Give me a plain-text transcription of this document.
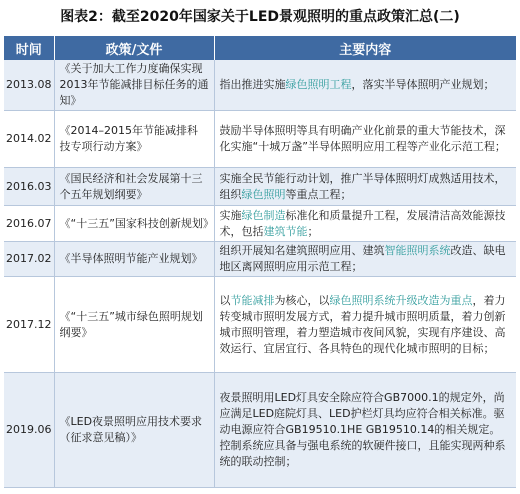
图表2：截至2020年国家关于LED景观照明的重点政策汇总(二)
时间	政策/文件	主要内容
2013.08	《关于加大工作力度确保实现2013年节能减排目标任务的通知》	指出推进实施绿色照明工程，落实半导体照明产业规划；
2014.02	《2014–2015年节能减排科技专项行动方案》	鼓励半导体照明等具有明确产业化前景的重大节能技术，深化实施“十城万盏”半导体照明应用工程等产业化示范工程；
2016.03	《国民经济和社会发展第十三个五年规划纲要》	实施全民节能行动计划，推广半导体照明灯成熟适用技术，组织绿色照明等重点工程；
2016.07	《“十三五”国家科技创新规划》	实施绿色制造标准化和质量提升工程，发展清洁高效能源技术，包括建筑节能；
2017.02	《半导体照明节能产业规划》	组织开展知名建筑照明应用、建筑智能照明系统改造、缺电地区离网照明应用示范工程；
2017.12	《“十三五”城市绿色照明规划纲要》	以节能减排为核心，以绿色照明系统升级改造为重点，着力转变城市照明发展方式，着力提升城市照明质量，着力创新城市照明管理，着力塑造城市夜间风貌，实现有序建设、高效运行、宜居宜行、各具特色的现代化城市照明的目标；
2019.06	《LED夜景照明应用技术要求（征求意见稿）》	夜景照明用LED灯具安全除应符合GB7000.1的规定外，尚应满足LED庭院灯具、LED护栏灯具均应符合相关标准。驱动电源应符合GB19510.1HE GB19510.14的相关规定。控制系统应具备与强电系统的软硬件接口，且能实现两种系统的联动控制；
